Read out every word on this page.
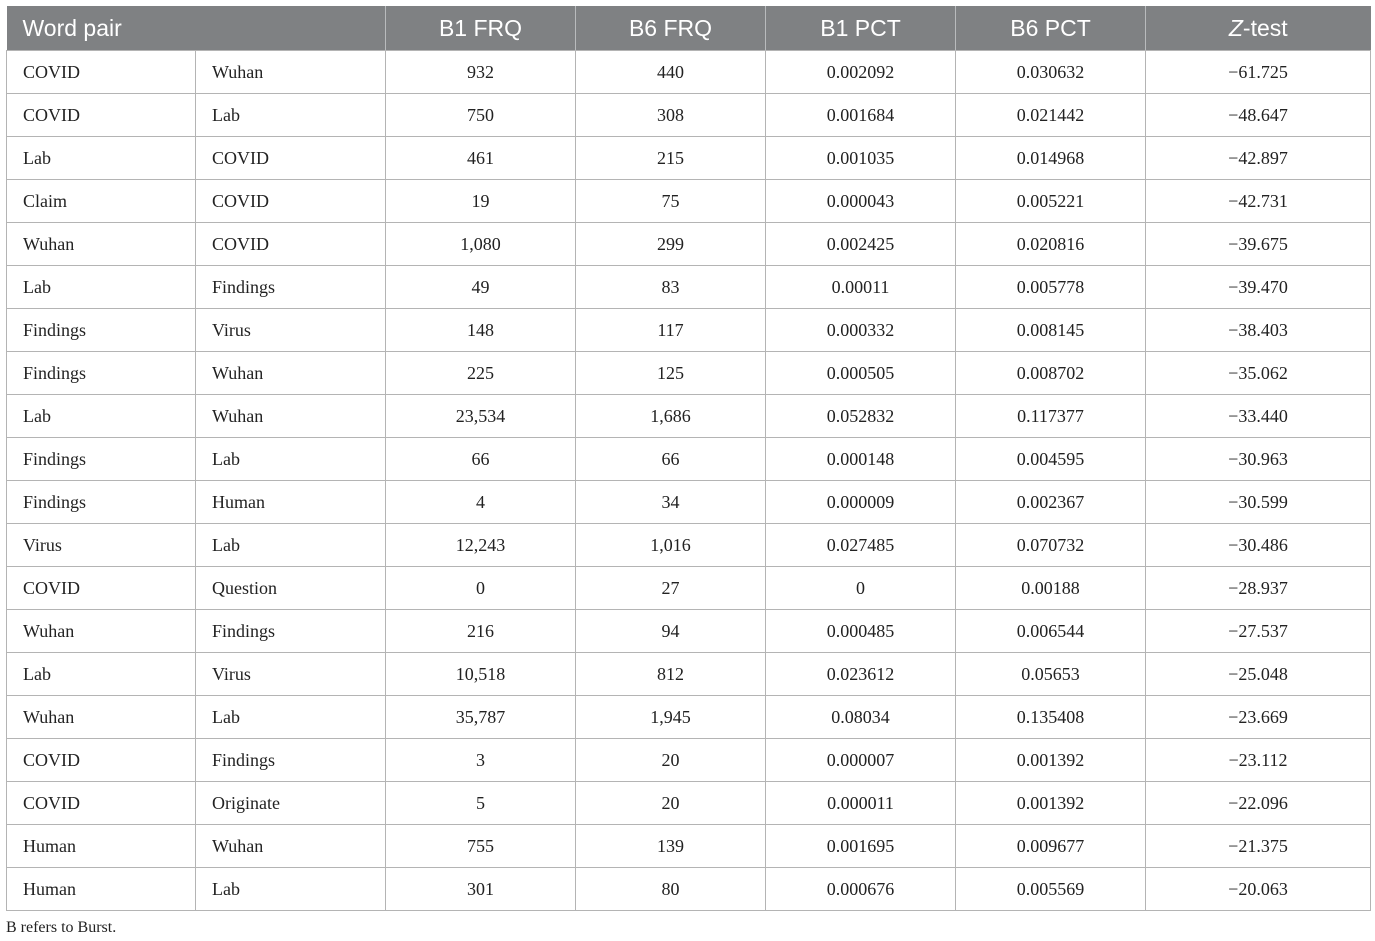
Word pair		B1 FRQ	B6 FRQ	B1 PCT	B6 PCT	Z-test
COVID	Wuhan	932	440	0.002092	0.030632	−61.725
COVID	Lab	750	308	0.001684	0.021442	−48.647
Lab	COVID	461	215	0.001035	0.014968	−42.897
Claim	COVID	19	75	0.000043	0.005221	−42.731
Wuhan	COVID	1,080	299	0.002425	0.020816	−39.675
Lab	Findings	49	83	0.00011	0.005778	−39.470
Findings	Virus	148	117	0.000332	0.008145	−38.403
Findings	Wuhan	225	125	0.000505	0.008702	−35.062
Lab	Wuhan	23,534	1,686	0.052832	0.117377	−33.440
Findings	Lab	66	66	0.000148	0.004595	−30.963
Findings	Human	4	34	0.000009	0.002367	−30.599
Virus	Lab	12,243	1,016	0.027485	0.070732	−30.486
COVID	Question	0	27	0	0.00188	−28.937
Wuhan	Findings	216	94	0.000485	0.006544	−27.537
Lab	Virus	10,518	812	0.023612	0.05653	−25.048
Wuhan	Lab	35,787	1,945	0.08034	0.135408	−23.669
COVID	Findings	3	20	0.000007	0.001392	−23.112
COVID	Originate	5	20	0.000011	0.001392	−22.096
Human	Wuhan	755	139	0.001695	0.009677	−21.375
Human	Lab	301	80	0.000676	0.005569	−20.063
B refers to Burst.
